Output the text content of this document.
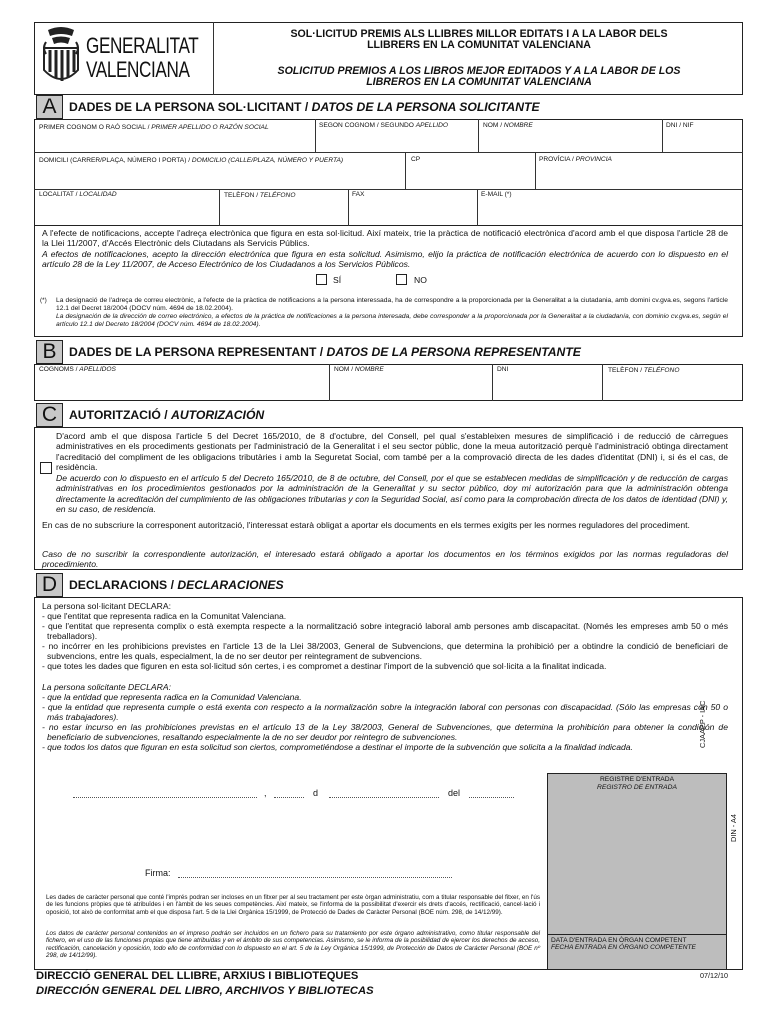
GENERALITAT
VALENCIANA
SOL·LICITUD PREMIS ALS LLIBRES MILLOR EDITATS I A LA LABOR DELS
LLIBRERS EN LA COMUNITAT VALENCIANA
SOLICITUD PREMIOS A LOS LIBROS MEJOR EDITADOS Y A LA LABOR DE LOS
LIBREROS EN LA COMUNITAT VALENCIANA
A	DADES DE LA PERSONA SOL·LICITANT / DATOS DE LA PERSONA SOLICITANTE
PRIMER COGNOM O RAÓ SOCIAL / PRIMER APELLIDO O RAZÓN SOCIAL	SEGON COGNOM / SEGUNDO APELLIDO	NOM / NOMBRE	DNI / NIF
DOMICILI (CARRER/PLAÇA, NÚMERO I PORTA) / DOMICILIO (CALLE/PLAZA, NÚMERO Y PUERTA)	CP	PROVÍCIA / PROVINCIA
LOCALITAT / LOCALIDAD	TELÈFON / TELÉFONO	FAX	E-MAIL (*)
A l'efecte de notificacions, accepte l'adreça electrònica que figura en esta sol·licitud. Així mateix, trie la pràctica de notificació electrònica d'acord amb el que disposa l'article 28 de la Llei 11/2007, d'Accés Electrònic dels Ciutadans als Servicis Públics.
A efectos de notificaciones, acepto la dirección electrónica que figura en esta solicitud. Asimismo, elijo la práctica de notificación electrónica de acuerdo con lo dispuesto en el artículo 28 de la Ley 11/2007, de Acceso Electrónico de los Ciudadanos a los Servicios Públicos.
SÍ	NO
(*) La designació de l'adreça de correu electrònic, a l'efecte de la pràctica de notificacions a la persona interessada, ha de correspondre a la proporcionada per la Generalitat a la ciutadania, amb domini cv.gva.es, segons l'article 12.1 del Decret 18/2004 (DOCV núm. 4694 de 18.02.2004).
La designación de la dirección de correo electrónico, a efectos de la práctica de notificaciones a la persona interesada, debe corresponder a la proporcionada por la Generalitat a la ciudadanía, con dominio cv.gva.es, según el artículo 12.1 del Decreto 18/2004 (DOCV núm. 4694 de 18.02.2004).
B	DADES DE LA PERSONA REPRESENTANT / DATOS DE LA PERSONA REPRESENTANTE
COGNOMS / APELLIDOS	NOM / NOMBRE	DNI	TELÈFON / TELÉFONO
C AUTORITZACIÓ / AUTORIZACIÓN
D'acord amb el que disposa l'article 5 del Decret 165/2010, de 8 d'octubre, del Consell, pel qual s'estableixen mesures de simplificació i de reducció de càrregues administratives en els procediments gestionats per l'administració de la Generalitat i el seu sector públic, done la meua autorització perquè l'administració obtinga directament l'acreditació del compliment de les obligacions tributàries i amb la Seguretat Social, com també per a la comprovació directa de les dades d'identitat (DNI) i, si és el cas, de residència.
De acuerdo con lo dispuesto en el artículo 5 del Decreto 165/2010, de 8 de octubre, del Consell, por el que se establecen medidas de simplificación y de reducción de cargas administrativas en los procedimientos gestionados por la administración de la Generalitat y su sector público, doy mi autorización para que la administración obtenga directamente la acreditación del cumplimiento de las obligaciones tributarias y con la Seguridad Social, así como para la comprobación directa de los datos de identidad (DNI) y, en su caso, de residencia.
En cas de no subscriure la corresponent autorització, l'interessat estarà obligat a aportar els documents en els termes exigits per les normes reguladores del procediment.
Caso de no suscribir la correspondiente autorización, el interesado estará obligado a aportar los documentos en los términos exigidos por las normas reguladoras del procedimiento.
D DECLARACIONS / DECLARACIONES
La persona sol·licitant DECLARA:
- que l'entitat que representa radica en la Comunitat Valenciana.
- que l'entitat que representa complix o està exempta respecte a la normalització sobre integració laboral amb persones amb discapacitat. (Només les empreses amb 50 o més treballadors).
- no incórrer en les prohibicions previstes en l'article 13 de la Llei 38/2003, General de Subvencions, que determina la prohibició per a obtindre la condició de beneficiari de subvencions, entre les quals, especialment, la de no ser deutor per reintegrament de subvencions.
- que totes les dades que figuren en esta sol·licitud són certes, i es compromet a destinar l'import de la subvenció que sol·licita a la finalitat indicada.
La persona solicitante DECLARA:
- que la entidad que representa radica en la Comunidad Valenciana.
- que la entidad que representa cumple o está exenta con respecto a la normalización sobre la integración laboral con personas con discapacidad. (Sólo las empresas con 50 o más trabajadores).
- no estar incurso en las prohibiciones previstas en el artículo 13 de la Ley 38/2003, General de Subvenciones, que determina la prohibición para obtener la condición de beneficiario de subvenciones, resaltando especialmente la de no ser deudor por reintegro de subvenciones.
- que todos los datos que figuran en esta solicitud son ciertos, comprometiéndose a destinar el importe de la subvención que solicita a la finalidad indicada.
REGISTRE D'ENTRADA
REGISTRO DE ENTRADA
DATA D'ENTRADA EN ÒRGAN COMPETENT
FECHA ENTRADA EN ÓRGANO COMPETENTE
CJAAPP - IAC
DIN - A4
,	d	del
Firma:
Les dades de caràcter personal que conté l'imprés podran ser incloses en un fitxer per al seu tractament per este òrgan administratiu, com a titular responsable del fitxer, en l'ús de les funcions pròpies que té atribuïdes i en l'àmbit de les seues competències. Així mateix, se l'informa de la possibilitat d'exercir els drets d'accés, rectificació, cancel·lació i oposició, tot això de conformitat amb el que disposa l'art. 5 de la Llei Orgànica 15/1999, de Protecció de Dades de Caràcter Personal (BOE núm. 298, de 14/12/99).
Los datos de carácter personal contenidos en el impreso podrán ser incluidos en un fichero para su tratamiento por este órgano administrativo, como titular responsable del fichero, en el uso de las funciones propias que tiene atribuidas y en el ámbito de sus competencias. Asimismo, se le informa de la posibilidad de ejercer los derechos de acceso, rectificación, cancelación y oposición, todo ello de conformidad con lo dispuesto en el art. 5 de la Ley Orgánica 15/1999, de Protección de Datos de Carácter Personal (BOE nº 298, de 14/12/99).
DIRECCIÓ GENERAL DEL LLIBRE, ARXIUS I BIBLIOTEQUES
DIRECCIÓN GENERAL DEL LIBRO, ARCHIVOS Y BIBLIOTECAS
07/12/10
